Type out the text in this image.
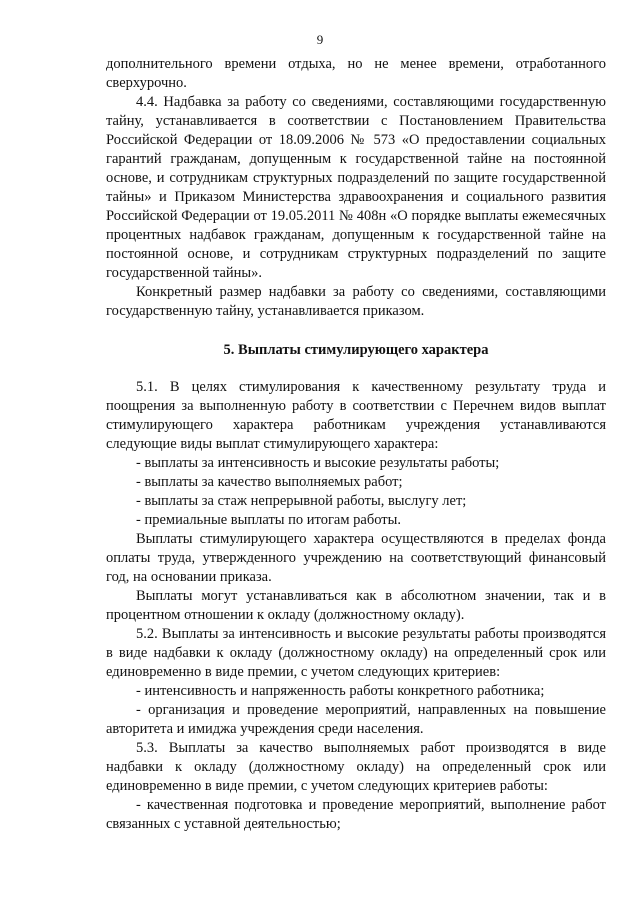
9

дополнительного времени отдыха, но не менее времени, отработанного сверхурочно.

4.4. Надбавка за работу со сведениями, составляющими государственную тайну, устанавливается в соответствии с Постановлением Правительства Российской Федерации от 18.09.2006 № 573 «О предоставлении социальных гарантий гражданам, допущенным к государственной тайне на постоянной основе, и сотрудникам структурных подразделений по защите государственной тайны» и Приказом Министерства здравоохранения и социального развития Российской Федерации от 19.05.2011 № 408н «О порядке выплаты ежемесячных процентных надбавок гражданам, допущенным к государственной тайне на постоянной основе, и сотрудникам структурных подразделений по защите государственной тайны».

Конкретный размер надбавки за работу со сведениями, составляющими государственную тайну, устанавливается приказом.

5. Выплаты стимулирующего характера

5.1. В целях стимулирования к качественному результату труда и поощрения за выполненную работу в соответствии с Перечнем видов выплат стимулирующего характера работникам учреждения устанавливаются следующие виды выплат стимулирующего характера:

- выплаты за интенсивность и высокие результаты работы;

- выплаты за качество выполняемых работ;

- выплаты за стаж непрерывной работы, выслугу лет;

- премиальные выплаты по итогам работы.

Выплаты стимулирующего характера осуществляются в пределах фонда оплаты труда, утвержденного учреждению на соответствующий финансовый год, на основании приказа.

Выплаты могут устанавливаться как в абсолютном значении, так и в процентном отношении к окладу (должностному окладу).

5.2. Выплаты за интенсивность и высокие результаты работы производятся в виде надбавки к окладу (должностному окладу) на определенный срок или единовременно в виде премии, с учетом следующих критериев:

- интенсивность и напряженность работы конкретного работника;

- организация и проведение мероприятий, направленных на повышение авторитета и имиджа учреждения среди населения.

5.3. Выплаты за качество выполняемых работ производятся в виде надбавки к окладу (должностному окладу) на определенный срок или единовременно в виде премии, с учетом следующих критериев работы:

- качественная подготовка и проведение мероприятий, выполнение работ связанных с уставной деятельностью;
